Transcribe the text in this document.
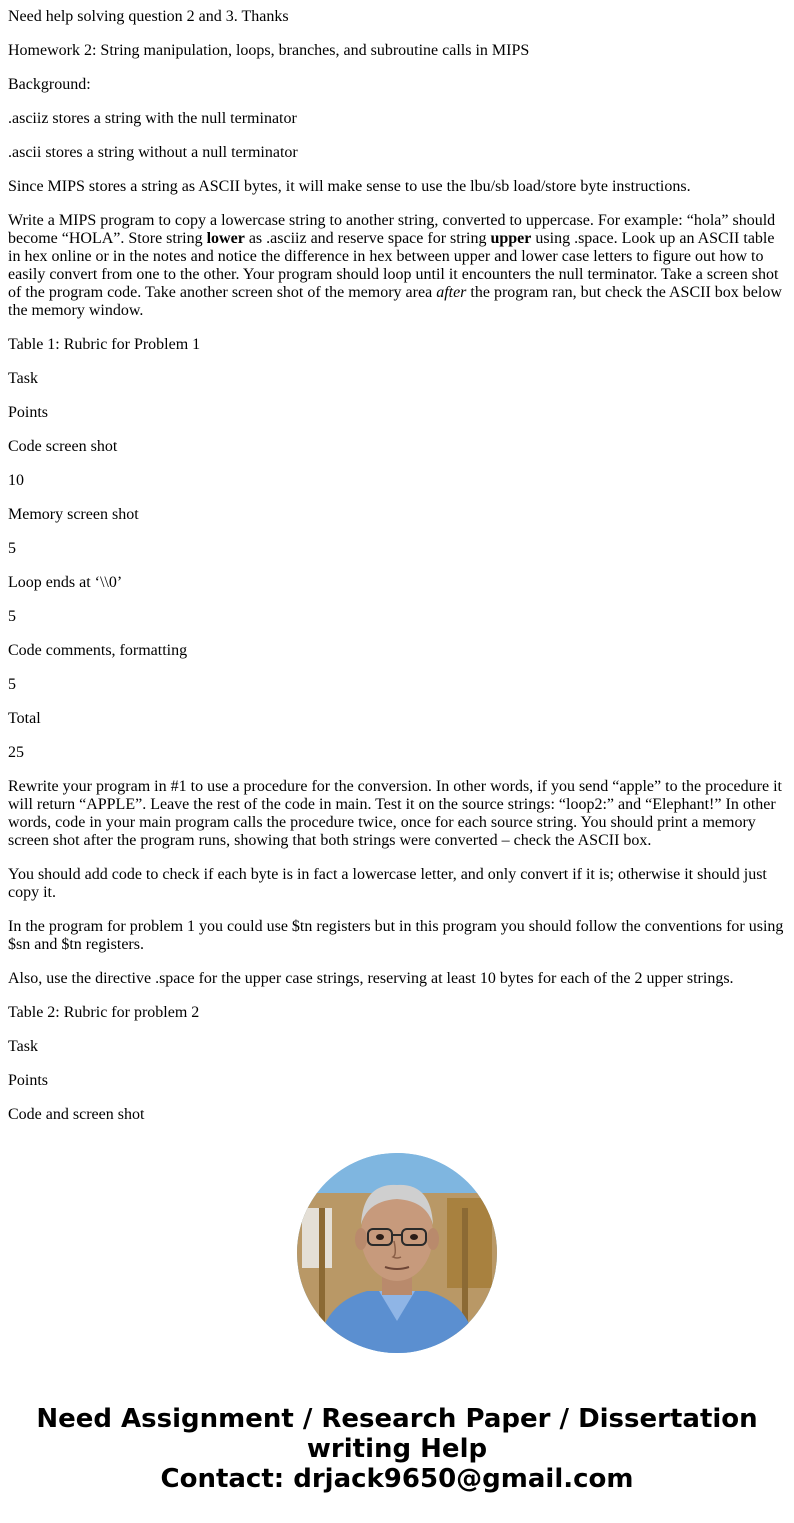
Need help solving question 2 and 3. Thanks

Homework 2: String manipulation, loops, branches, and subroutine calls in MIPS

Background:

.asciiz stores a string with the null terminator

.ascii stores a string without a null terminator

Since MIPS stores a string as ASCII bytes, it will make sense to use the lbu/sb load/store byte instructions.

Write a MIPS program to copy a lowercase string to another string, converted to uppercase. For example: “hola” should become “HOLA”. Store string lower as .asciiz and reserve space for string upper using .space. Look up an ASCII table in hex online or in the notes and notice the difference in hex between upper and lower case letters to figure out how to easily convert from one to the other. Your program should loop until it encounters the null terminator. Take a screen shot of the program code. Take another screen shot of the memory area after the program ran, but check the ASCII box below the memory window.

Table 1: Rubric for Problem 1

Task

Points

Code screen shot

10

Memory screen shot

5

Loop ends at ‘\\0’

5

Code comments, formatting

5

Total

25

Rewrite your program in #1 to use a procedure for the conversion. In other words, if you send “apple” to the procedure it will return “APPLE”. Leave the rest of the code in main. Test it on the source strings: “loop2:” and “Elephant!” In other words, code in your main program calls the procedure twice, once for each source string. You should print a memory screen shot after the program runs, showing that both strings were converted – check the ASCII box.

You should add code to check if each byte is in fact a lowercase letter, and only convert if it is; otherwise it should just copy it.

In the program for problem 1 you could use $tn registers but in this program you should follow the conventions for using $sn and $tn registers.

Also, use the directive .space for the upper case strings, reserving at least 10 bytes for each of the 2 upper strings.

Table 2: Rubric for problem 2

Task

Points

Code and screen shot

Need Assignment / Research Paper / Dissertation
writing Help
Contact: drjack9650@gmail.com
